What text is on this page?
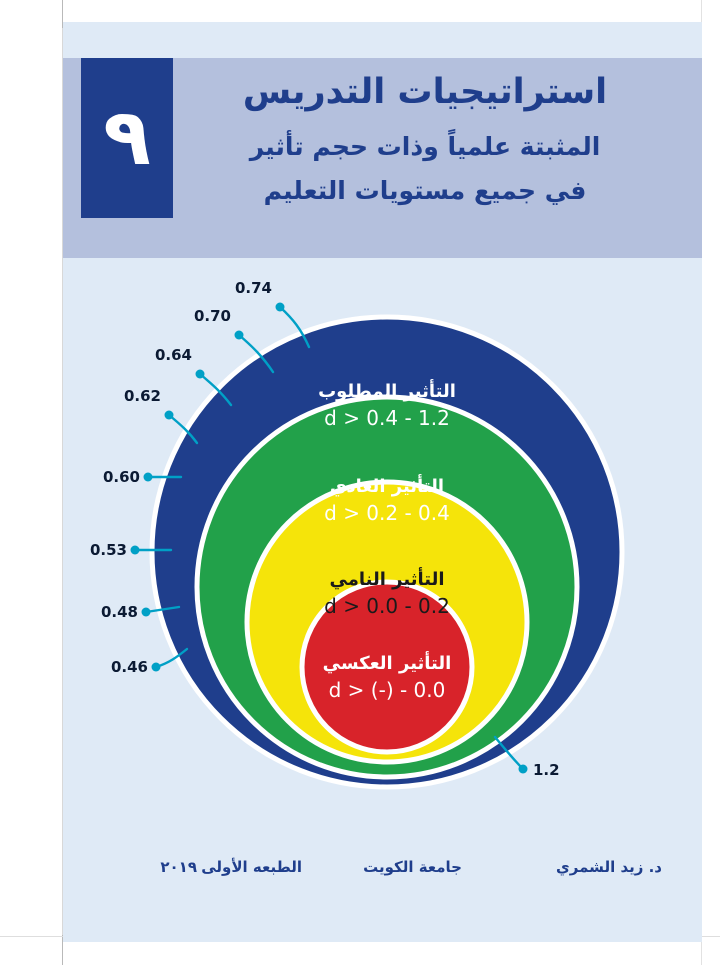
٩
استراتيجيات التدريس
المثبتة علمياً وذات حجم تأثير
في جميع مستويات التعليم
التأثير المطلوب
d > 0.4 - 1.2
التأثير العادي
d > 0.2 - 0.4
التأثير النامي
d > 0.0 - 0.2
التأثير العكسي
d > (-) - 0.0
0.74
0.70
0.64
0.62
0.60
0.53
0.48
0.46
1.2
د. زيد الشمري
جامعة الكويت
الطبعه الأولى
٢٠١٩
